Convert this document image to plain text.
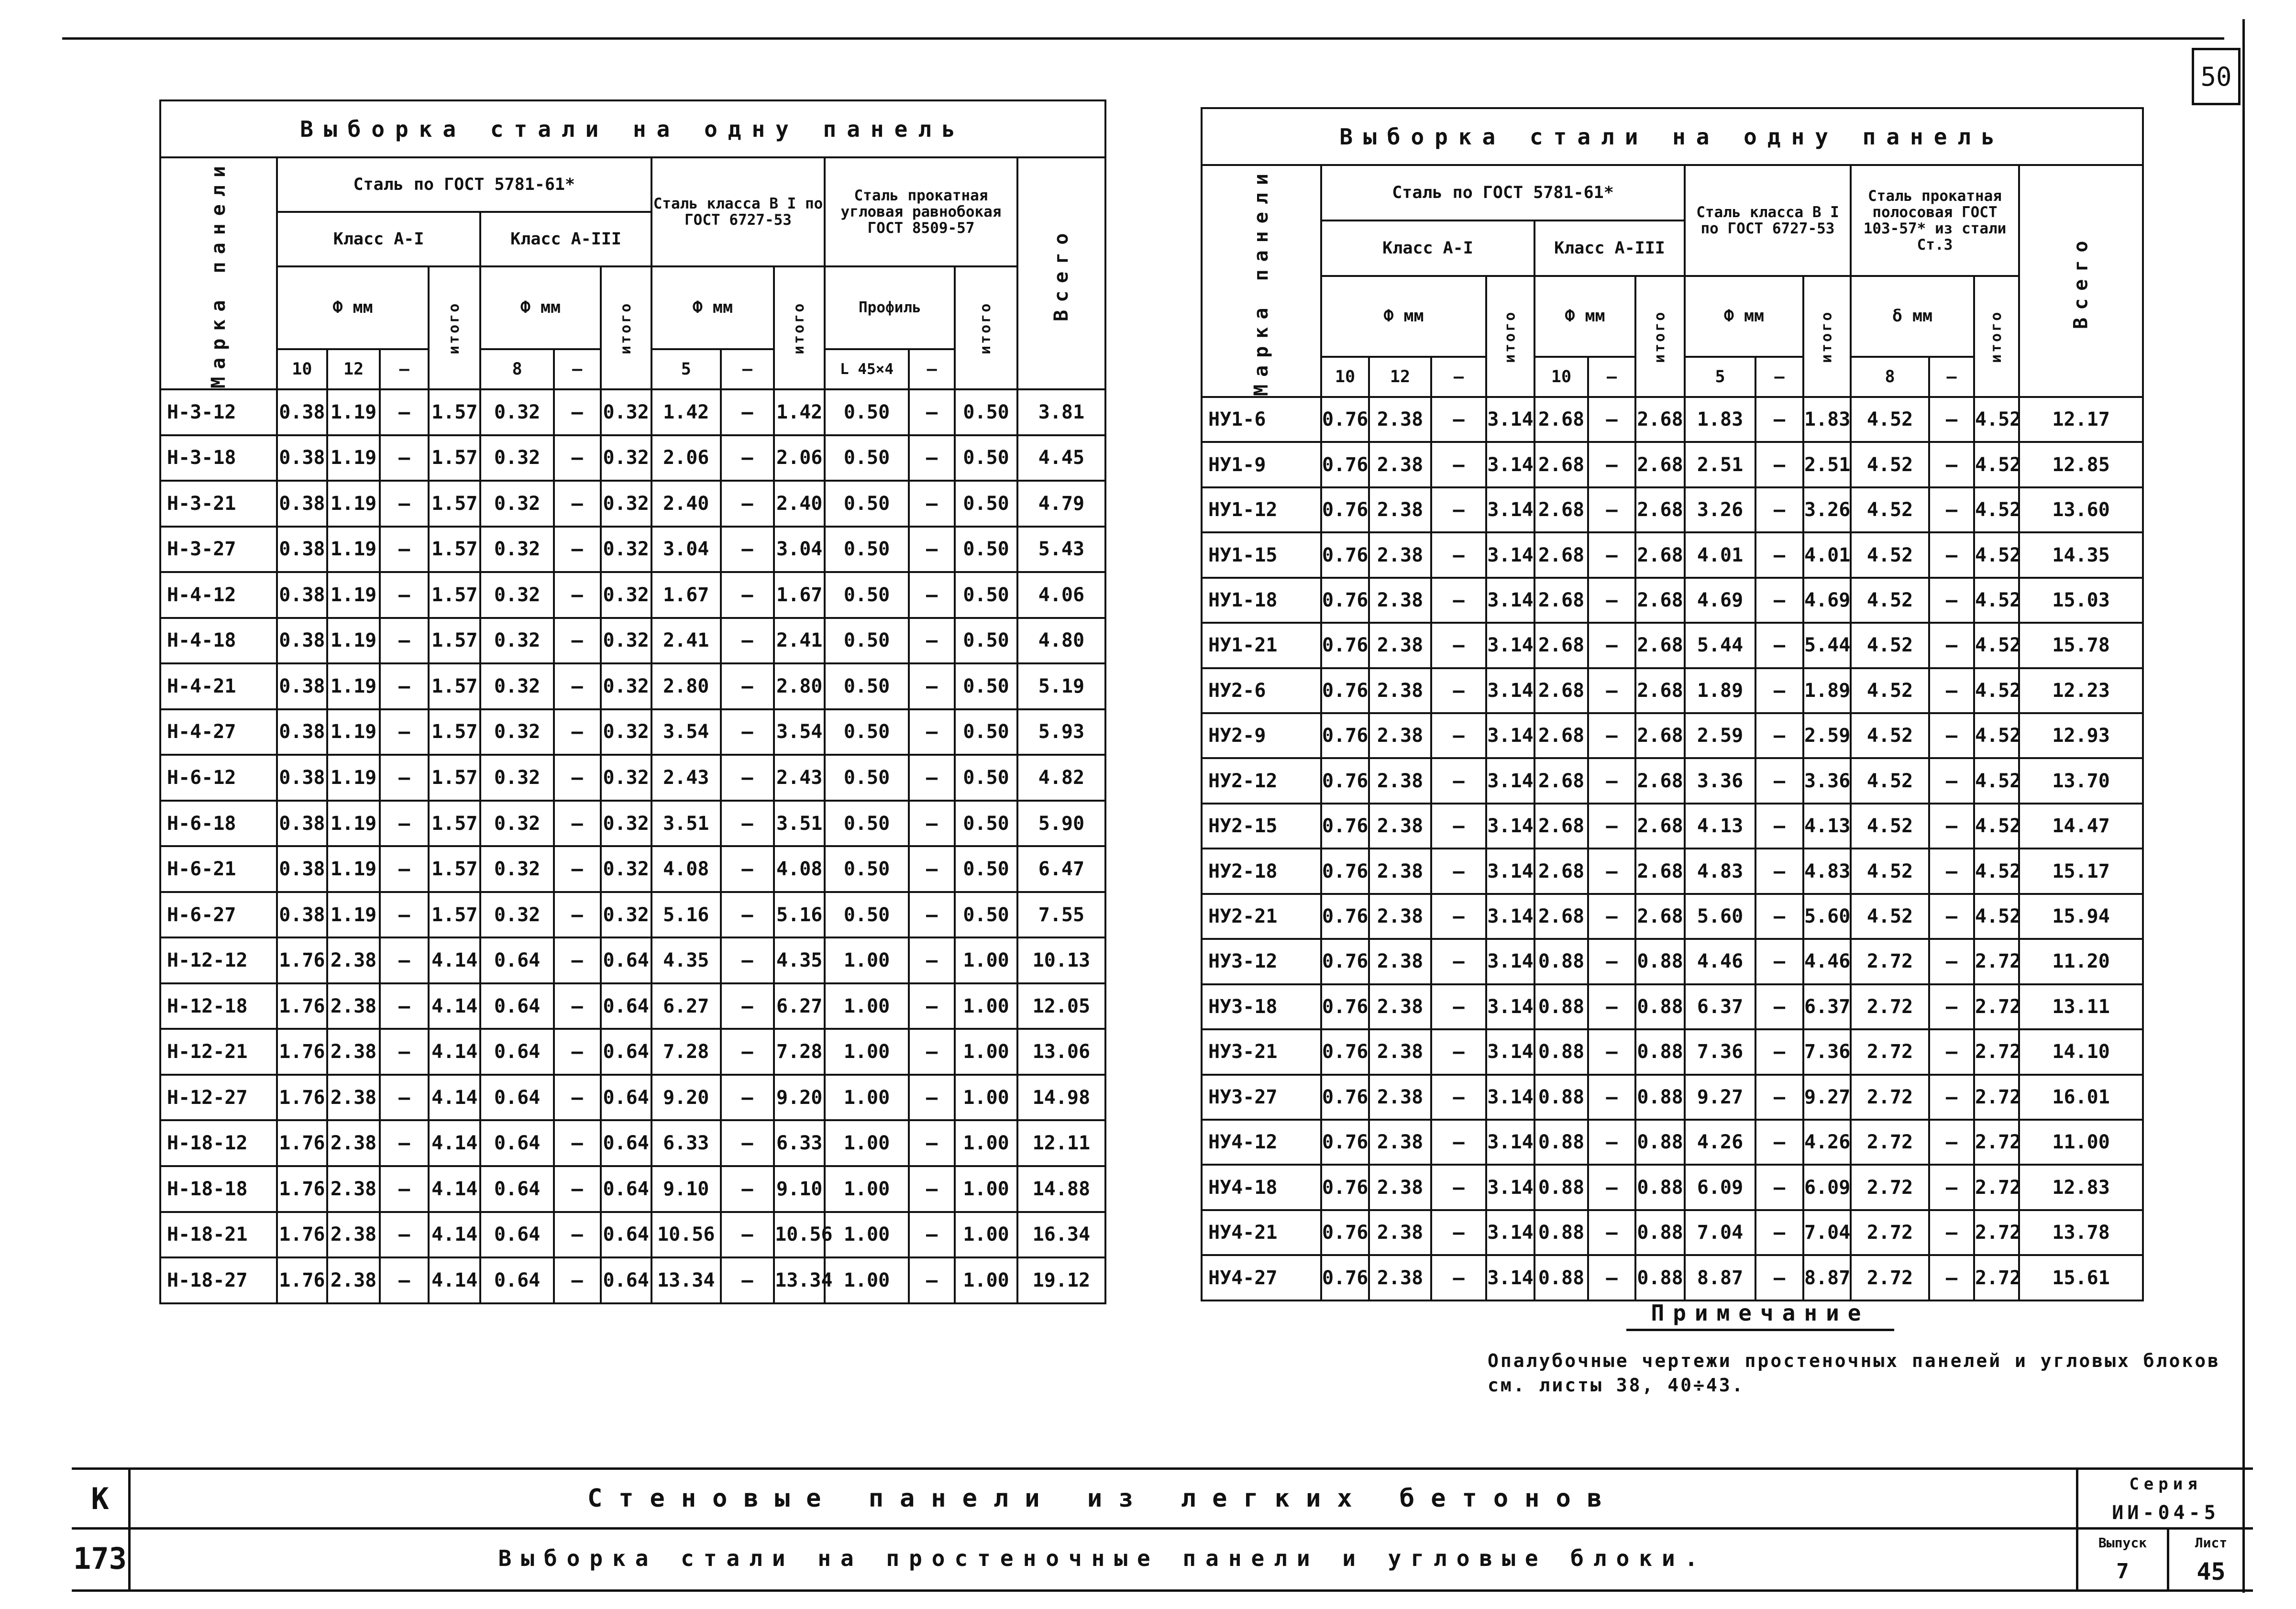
50
Выборка стали на одну панель														
Марка панели	Сталь по ГОСТ 5781-61*							Сталь класса В I по ГОСТ 6727-53			Сталь прокатная угловая равнобокая ГОСТ 8509-57			Всего
	Класс А-I				Класс А-III									
	Ф мм			итого	Ф мм		итого	Ф мм		итого	Профиль		итого	
	10	12	—		8	—		5	—		L 45×4	—		
Н-3-12	0.38	1.19	—	1.57	0.32	—	0.32	1.42	—	1.42	0.50	—	0.50	3.81
Н-3-18	0.38	1.19	—	1.57	0.32	—	0.32	2.06	—	2.06	0.50	—	0.50	4.45
Н-3-21	0.38	1.19	—	1.57	0.32	—	0.32	2.40	—	2.40	0.50	—	0.50	4.79
Н-3-27	0.38	1.19	—	1.57	0.32	—	0.32	3.04	—	3.04	0.50	—	0.50	5.43
Н-4-12	0.38	1.19	—	1.57	0.32	—	0.32	1.67	—	1.67	0.50	—	0.50	4.06
Н-4-18	0.38	1.19	—	1.57	0.32	—	0.32	2.41	—	2.41	0.50	—	0.50	4.80
Н-4-21	0.38	1.19	—	1.57	0.32	—	0.32	2.80	—	2.80	0.50	—	0.50	5.19
Н-4-27	0.38	1.19	—	1.57	0.32	—	0.32	3.54	—	3.54	0.50	—	0.50	5.93
Н-6-12	0.38	1.19	—	1.57	0.32	—	0.32	2.43	—	2.43	0.50	—	0.50	4.82
Н-6-18	0.38	1.19	—	1.57	0.32	—	0.32	3.51	—	3.51	0.50	—	0.50	5.90
Н-6-21	0.38	1.19	—	1.57	0.32	—	0.32	4.08	—	4.08	0.50	—	0.50	6.47
Н-6-27	0.38	1.19	—	1.57	0.32	—	0.32	5.16	—	5.16	0.50	—	0.50	7.55
Н-12-12	1.76	2.38	—	4.14	0.64	—	0.64	4.35	—	4.35	1.00	—	1.00	10.13
Н-12-18	1.76	2.38	—	4.14	0.64	—	0.64	6.27	—	6.27	1.00	—	1.00	12.05
Н-12-21	1.76	2.38	—	4.14	0.64	—	0.64	7.28	—	7.28	1.00	—	1.00	13.06
Н-12-27	1.76	2.38	—	4.14	0.64	—	0.64	9.20	—	9.20	1.00	—	1.00	14.98
Н-18-12	1.76	2.38	—	4.14	0.64	—	0.64	6.33	—	6.33	1.00	—	1.00	12.11
Н-18-18	1.76	2.38	—	4.14	0.64	—	0.64	9.10	—	9.10	1.00	—	1.00	14.88
Н-18-21	1.76	2.38	—	4.14	0.64	—	0.64	10.56	—	10.56	1.00	—	1.00	16.34
Н-18-27	1.76	2.38	—	4.14	0.64	—	0.64	13.34	—	13.34	1.00	—	1.00	19.12
Выборка стали на одну панель														
Марка панели	Сталь по ГОСТ 5781-61*							Сталь класса В I по ГОСТ 6727-53			Сталь прокатная полосовая ГОСТ 103-57* из стали Ст.3			Всего
	Класс А-I				Класс А-III									
	Ф мм			итого	Ф мм		итого	Ф мм		итого	δ мм		итого	
	10	12	—		10	—		5	—		8	—		
НУ1-6	0.76	2.38	—	3.14	2.68	—	2.68	1.83	—	1.83	4.52	—	4.52	12.17
НУ1-9	0.76	2.38	—	3.14	2.68	—	2.68	2.51	—	2.51	4.52	—	4.52	12.85
НУ1-12	0.76	2.38	—	3.14	2.68	—	2.68	3.26	—	3.26	4.52	—	4.52	13.60
НУ1-15	0.76	2.38	—	3.14	2.68	—	2.68	4.01	—	4.01	4.52	—	4.52	14.35
НУ1-18	0.76	2.38	—	3.14	2.68	—	2.68	4.69	—	4.69	4.52	—	4.52	15.03
НУ1-21	0.76	2.38	—	3.14	2.68	—	2.68	5.44	—	5.44	4.52	—	4.52	15.78
НУ2-6	0.76	2.38	—	3.14	2.68	—	2.68	1.89	—	1.89	4.52	—	4.52	12.23
НУ2-9	0.76	2.38	—	3.14	2.68	—	2.68	2.59	—	2.59	4.52	—	4.52	12.93
НУ2-12	0.76	2.38	—	3.14	2.68	—	2.68	3.36	—	3.36	4.52	—	4.52	13.70
НУ2-15	0.76	2.38	—	3.14	2.68	—	2.68	4.13	—	4.13	4.52	—	4.52	14.47
НУ2-18	0.76	2.38	—	3.14	2.68	—	2.68	4.83	—	4.83	4.52	—	4.52	15.17
НУ2-21	0.76	2.38	—	3.14	2.68	—	2.68	5.60	—	5.60	4.52	—	4.52	15.94
НУ3-12	0.76	2.38	—	3.14	0.88	—	0.88	4.46	—	4.46	2.72	—	2.72	11.20
НУ3-18	0.76	2.38	—	3.14	0.88	—	0.88	6.37	—	6.37	2.72	—	2.72	13.11
НУ3-21	0.76	2.38	—	3.14	0.88	—	0.88	7.36	—	7.36	2.72	—	2.72	14.10
НУ3-27	0.76	2.38	—	3.14	0.88	—	0.88	9.27	—	9.27	2.72	—	2.72	16.01
НУ4-12	0.76	2.38	—	3.14	0.88	—	0.88	4.26	—	4.26	2.72	—	2.72	11.00
НУ4-18	0.76	2.38	—	3.14	0.88	—	0.88	6.09	—	6.09	2.72	—	2.72	12.83
НУ4-21	0.76	2.38	—	3.14	0.88	—	0.88	7.04	—	7.04	2.72	—	2.72	13.78
НУ4-27	0.76	2.38	—	3.14	0.88	—	0.88	8.87	—	8.87	2.72	—	2.72	15.61
Примечание
Опалубочные чертежи простеночных панелей и угловых блоков см. листы 38, 40÷43.
К
173
Стеновые панели из легких бетонов
Выборка стали на простеночные панели и угловые блоки.
Серия
ИИ-04-5
Выпуск
7
Лист
45
